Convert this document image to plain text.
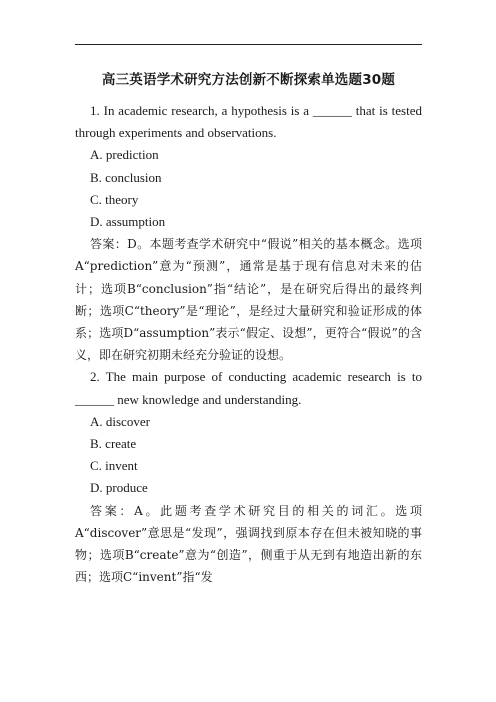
高三英语学术研究方法创新不断探索单选题30题

1. In academic research, a hypothesis is a ______ that is tested through experiments and observations.

A. prediction

B. conclusion

C. theory

D. assumption

答案：D。本题考查学术研究中“假说”相关的基本概念。选项A“prediction”意为“预测”，通常是基于现有信息对未来的估计；选项B“conclusion”指“结论”，是在研究后得出的最终判断；选项C“theory”是“理论”，是经过大量研究和验证形成的体系；选项D“assumption”表示“假定、设想”，更符合“假说”的含义，即在研究初期未经充分验证的设想。

2. The main purpose of conducting academic research is to ______ new knowledge and understanding.

A. discover

B. create

C. invent

D. produce

答案：A。此题考查学术研究目的相关的词汇。选项A“discover”意思是“发现”，强调找到原本存在但未被知晓的事物；选项B“create”意为“创造”，侧重于从无到有地造出新的东西；选项C“invent”指“发
